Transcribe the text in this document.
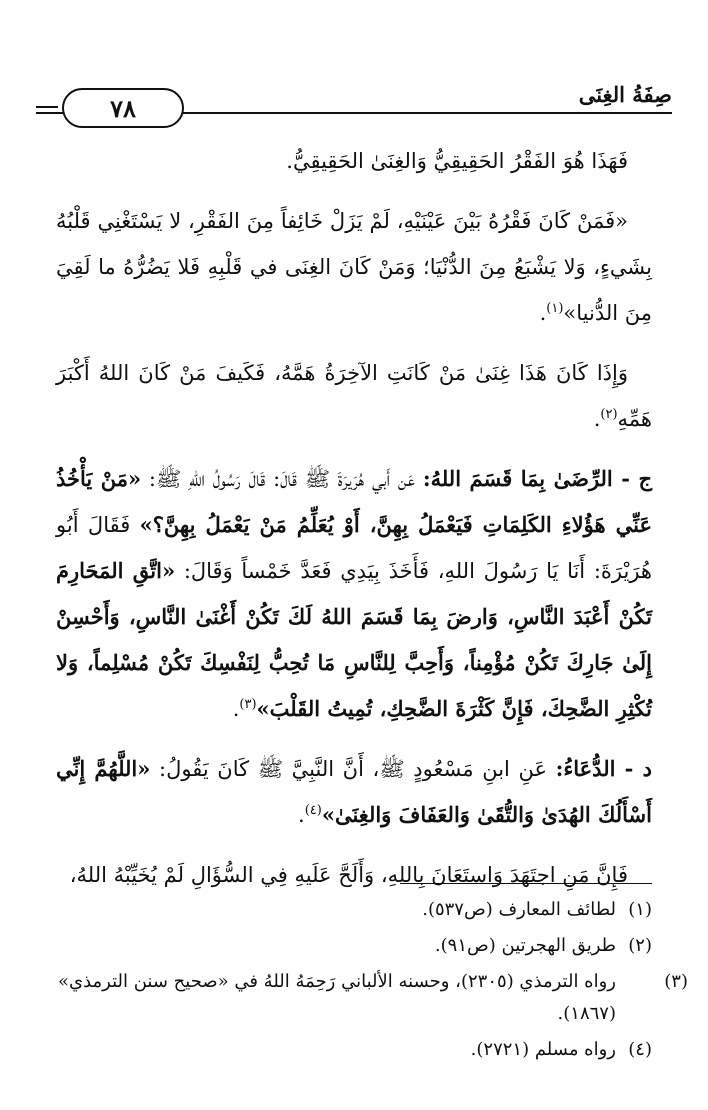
صِفَةُ الغِنَى
٧٨

فَهَذَا هُوَ الفَقْرُ الحَقِيقِيُّ وَالغِنَىٰ الحَقِيقِيُّ.

«فَمَنْ كَانَ فَقْرُهُ بَيْنَ عَيْنَيْهِ، لَمْ يَزَلْ خَائِفاً مِنَ الفَقْرِ، لا يَسْتَغْنِي قَلْبُهُ بِشَيءٍ، وَلا يَشْبَعُ مِنَ الدُّنْيَا؛ وَمَنْ كَانَ الغِنَى في قَلْبِهِ فَلا يَضُرُّهُ ما لَقِيَ مِنَ الدُّنيا»$^{(١)}$.

وَإِذَا كَانَ هَذَا غِنَىٰ مَنْ كَانَتِ الآخِرَةُ هَمَّهُ، فَكَيفَ مَنْ كَانَ اللهُ أَكْبَرَ هَمِّهِ$^{(٢)}$.

ج - الرِّضَىٰ بِمَا قَسَمَ اللهُ: عَن أَبي هُرَيرَةَ ﷺ قَالَ: قَالَ رَسُولُ اللهِ ﷺ: «مَنْ يَأْخُذُ عَنِّي هَؤُلاءِ الكَلِمَاتِ فَيَعْمَلُ بِهِنَّ، أَوْ يُعَلِّمُ مَنْ يَعْمَلُ بِهِنَّ؟» فَقَالَ أَبُو هُرَيْرَةَ: أَنَا يَا رَسُولَ اللهِ، فَأَخَذَ بِيَدِي فَعَدَّ خَمْساً وَقَالَ: «اتَّقِ المَحَارِمَ تَكُنْ أَعْبَدَ النَّاسِ، وَارضَ بِمَا قَسَمَ اللهُ لَكَ تَكُنْ أَغْنَىٰ النَّاسِ، وَأَحْسِنْ إِلَىٰ جَارِكَ تَكُنْ مُؤْمِناً، وَأَحِبَّ لِلنَّاسِ مَا تُحِبُّ لِنَفْسِكَ تَكُنْ مُسْلِماً، وَلا تُكْثِرِ الضَّحِكَ، فَإِنَّ كَثْرَةَ الضَّحِكِ، تُمِيتُ القَلْبَ»$^{(٣)}$.

د - الدُّعَاءُ: عَنِ ابنِ مَسْعُودٍ ﷺ، أَنَّ النَّبِيَّ ﷺ كَانَ يَقُولُ: «اللَّهُمَّ إِنِّي أَسْأَلُكَ الهُدَىٰ وَالتُّقَىٰ وَالعَفَافَ وَالغِنَىٰ»$^{(٤)}$.

فَإِنَّ مَنِ اجتَهَدَ وَاستَعَانَ بِاللهِ، وَأَلَحَّ عَلَيهِ فِي السُّؤَالِ لَمْ يُخَيِّبْهُ اللهُ،

(١)لطائف المعارف (ص٥٣٧).

(٢)طريق الهجرتين (ص٩١).

(٣)رواه الترمذي (٢٣٠٥)، وحسنه الألباني رَحِمَهُ اللهُ في «صحيح سنن الترمذي» (١٨٦٧).

(٤)رواه مسلم (٢٧٢١).
